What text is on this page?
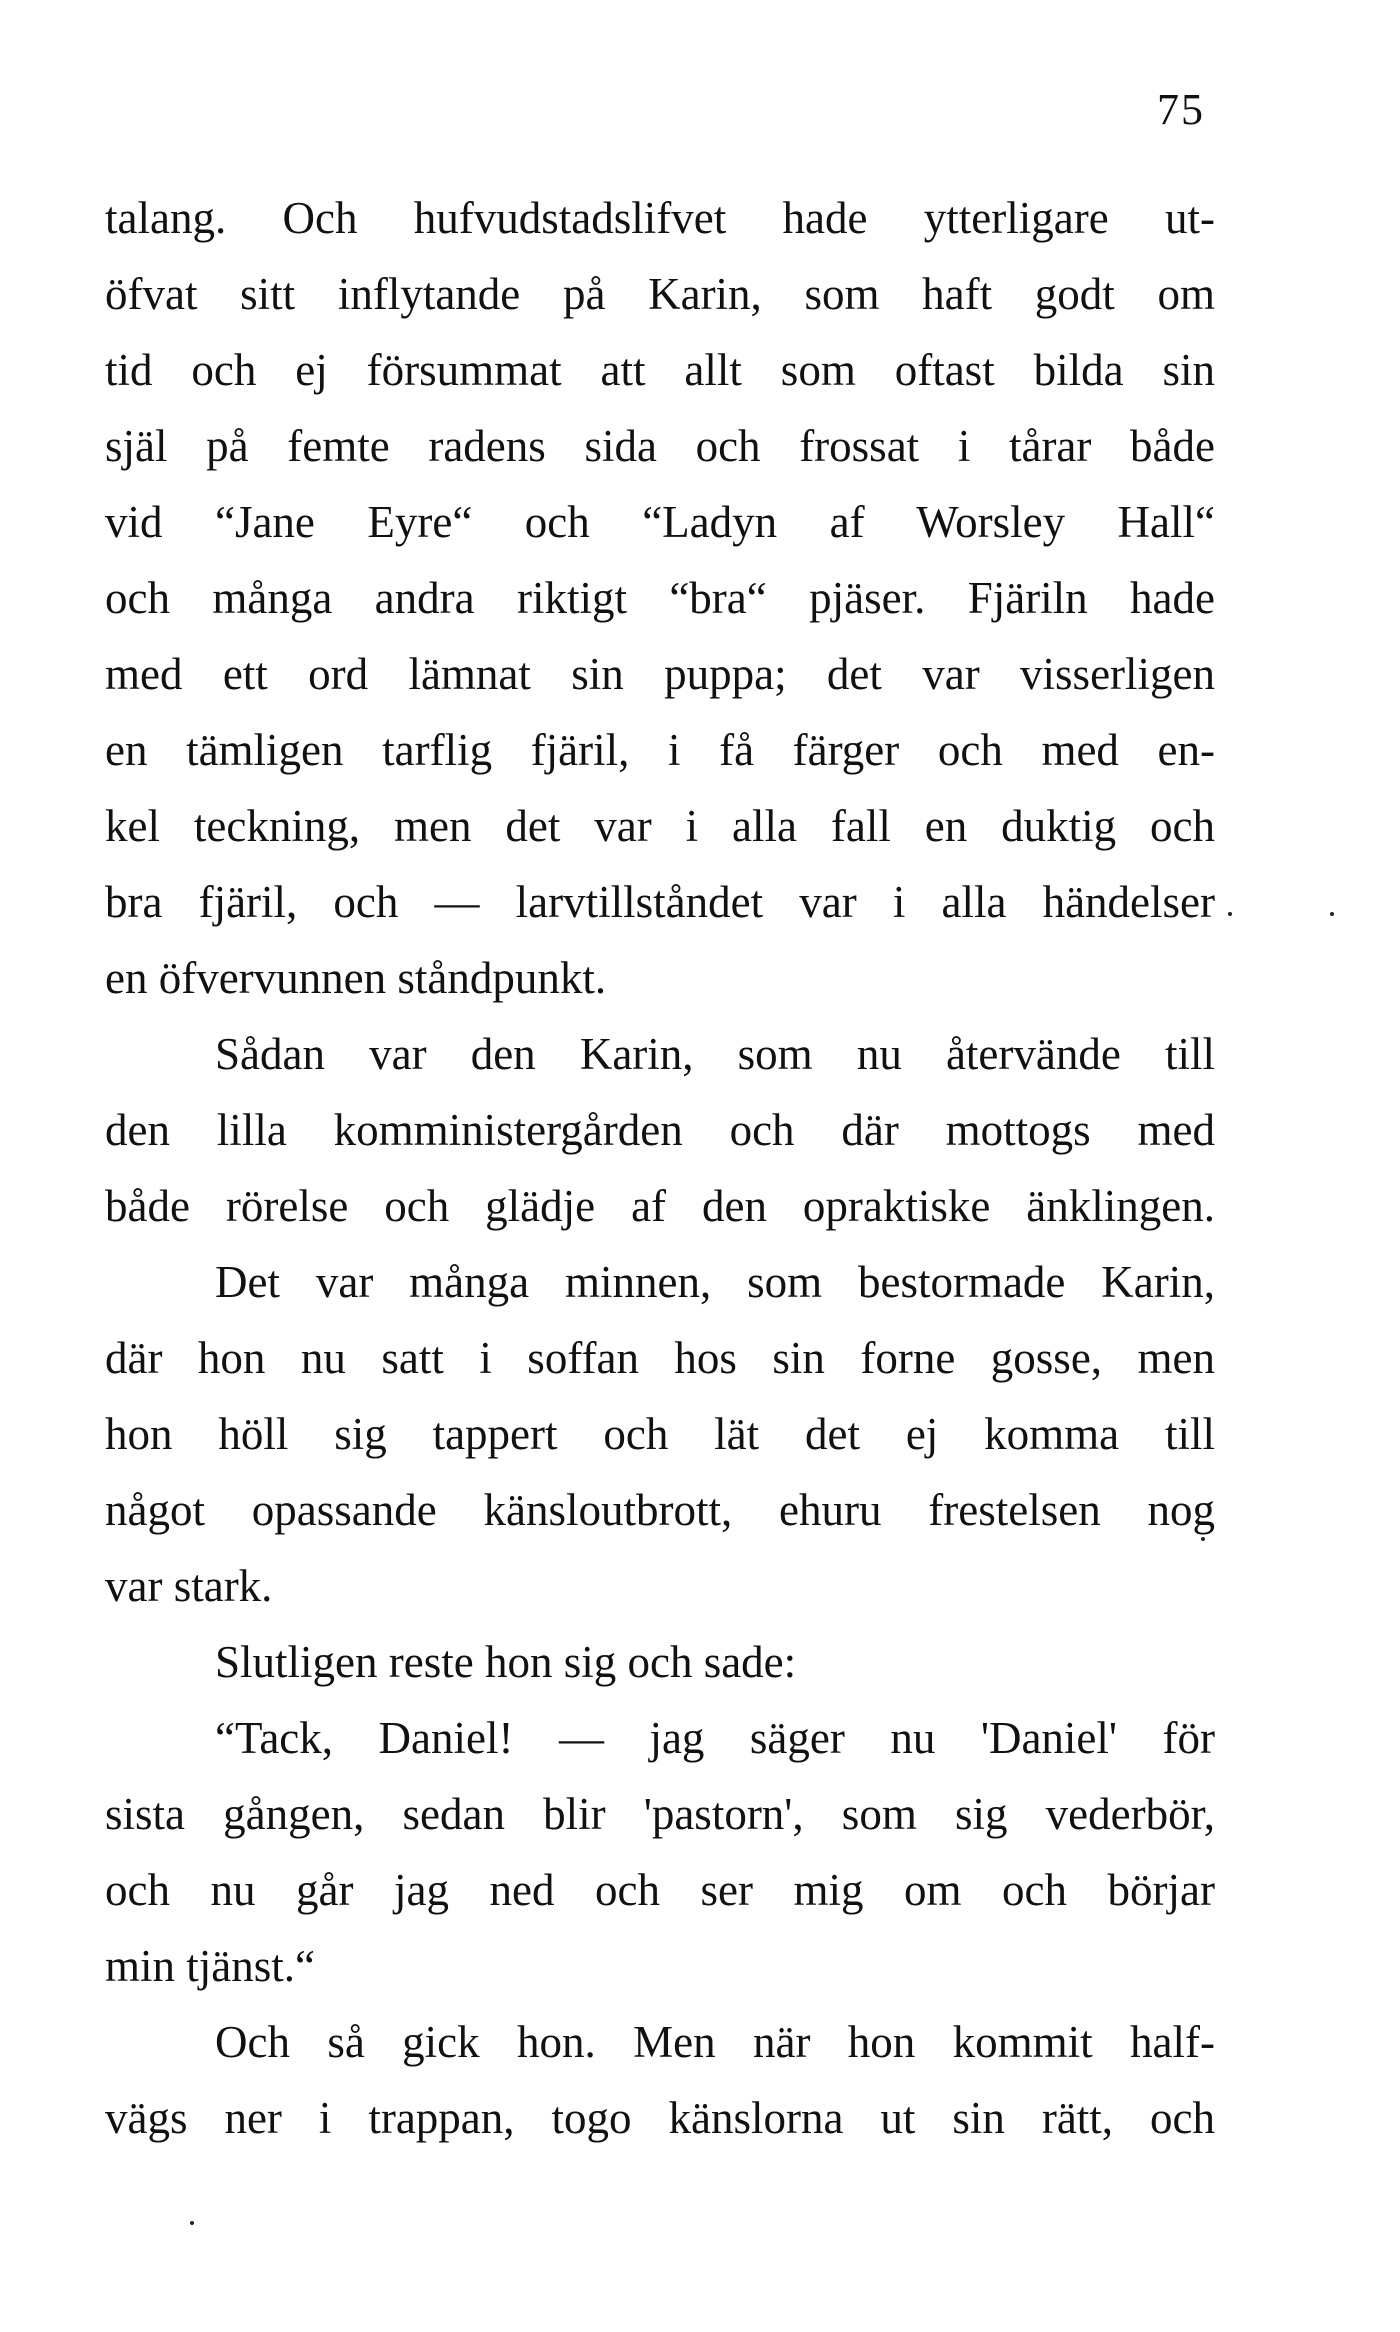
75
talang. Och hufvudstadslifvet hade ytterligare ut-
öfvat sitt inflytande på Karin, som haft godt om
tid och ej försummat att allt som oftast bilda sin
själ på femte radens sida och frossat i tårar både
vid “Jane Eyre“ och “Ladyn af Worsley Hall“
och många andra riktigt “bra“ pjäser. Fjäriln hade
med ett ord lämnat sin puppa; det var visserligen
en tämligen tarflig fjäril, i få färger och med en-
kel teckning, men det var i alla fall en duktig och
bra fjäril, och — larvtillståndet var i alla händelser
en öfvervunnen ståndpunkt.
Sådan var den Karin, som nu återvände till
den lilla komministergården och där mottogs med
både rörelse och glädje af den opraktiske änklingen.
Det var många minnen, som bestormade Karin,
där hon nu satt i soffan hos sin forne gosse, men
hon höll sig tappert och lät det ej komma till
något opassande känsloutbrott, ehuru frestelsen nog
var stark.
Slutligen reste hon sig och sade:
“Tack, Daniel! — jag säger nu 'Daniel' för
sista gången, sedan blir 'pastorn', som sig vederbör,
och nu går jag ned och ser mig om och börjar
min tjänst.“
Och så gick hon. Men när hon kommit half-
vägs ner i trappan, togo känslorna ut sin rätt, och
